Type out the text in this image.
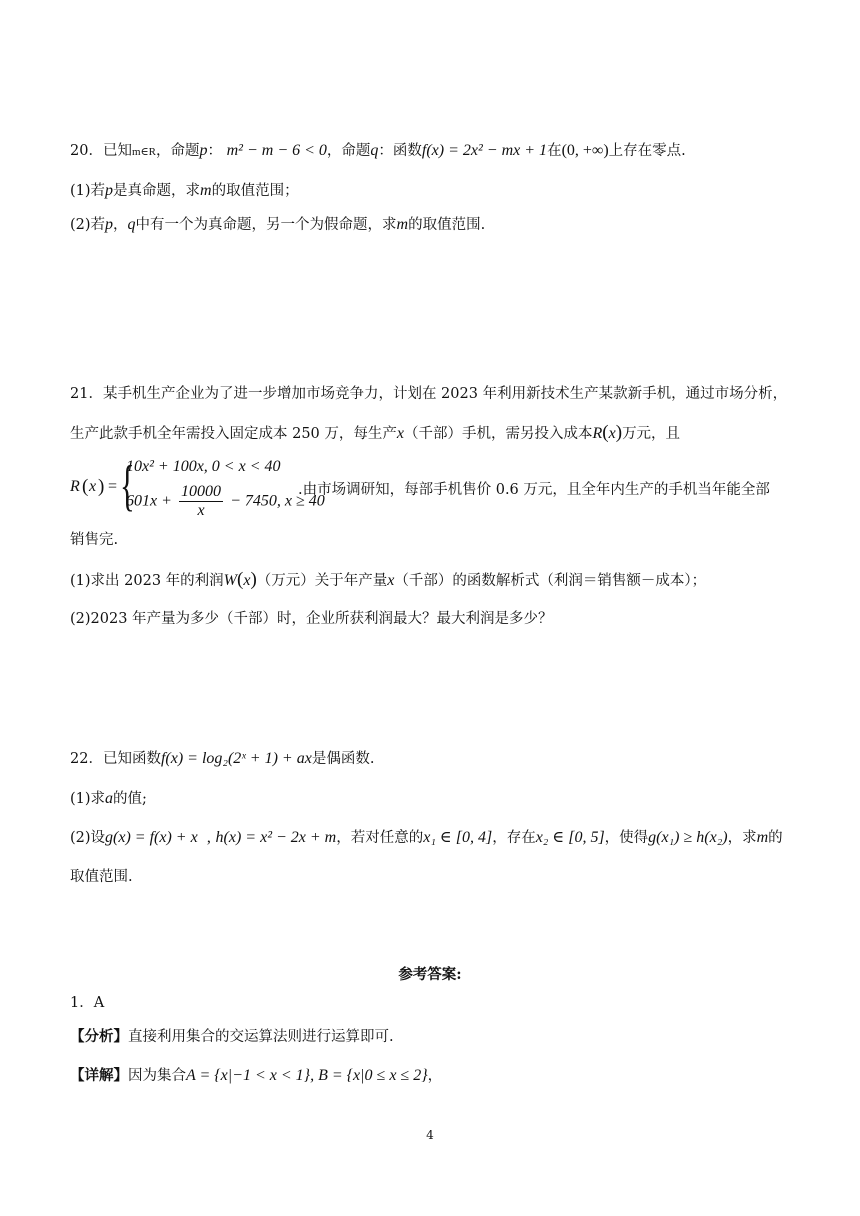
20．已知m∈R，命题p： m² − m − 6 < 0，命题q：函数f(x) = 2x² − mx + 1在(0, +∞)上存在零点.
(1)若p是真命题，求m的取值范围；
(2)若p，q中有一个为真命题，另一个为假命题，求m的取值范围.
21．某手机生产企业为了进一步增加市场竞争力，计划在 2023 年利用新技术生产某款新手机，通过市场分析，
生产此款手机全年需投入固定成本 250 万，每生产x（千部）手机，需另投入成本R(x)万元，且
R ( x ) = {
10x² + 100x, 0 < x < 40
$601x + \frac{10000}{x} - 7450$, x ≥ 40
.由市场调研知，每部手机售价 0.6 万元，且全年内生产的手机当年能全部
销售完.
(1)求出 2023 年的利润W(x)（万元）关于年产量x（千部）的函数解析式（利润＝销售额－成本）；
(2)2023 年产量为多少（千部）时，企业所获利润最大？最大利润是多少？
22．已知函数f(x) = log₂(2ˣ + 1) + ax是偶函数.
(1)求a的值;
(2)设g(x) = f(x) + x , h(x) = x² − 2x + m，若对任意的x₁ ∈ [0, 4]，存在x₂ ∈ [0, 5]，使得g(x₁) ≥ h(x₂)，求m的
取值范围.
参考答案:
1．A
【分析】直接利用集合的交运算法则进行运算即可.
【详解】因为集合A = {x|−1 < x < 1}, B = {x|0 ≤ x ≤ 2}，
4
